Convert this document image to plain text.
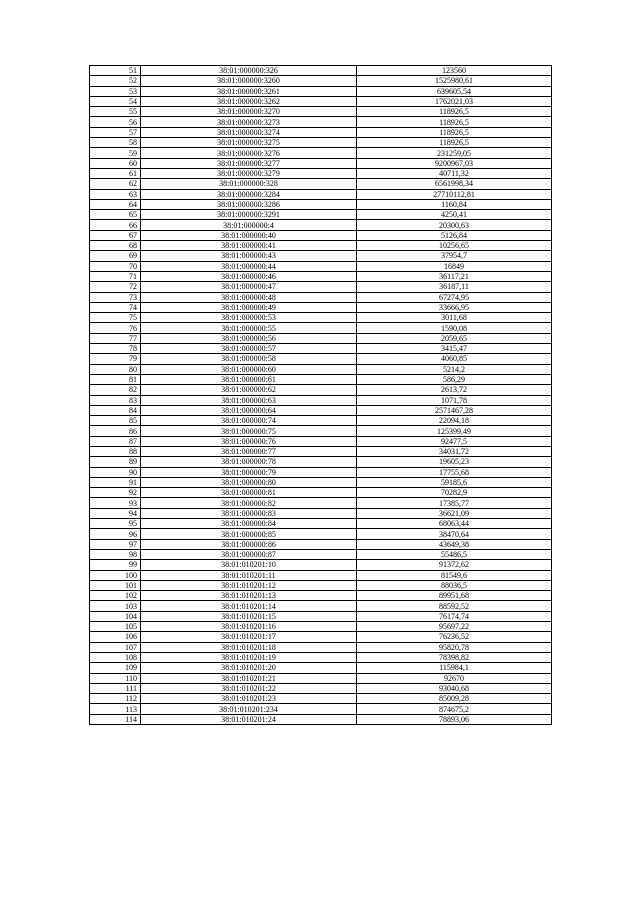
51	38:01:000000:326	123560
52	38:01:000000:3260	1525980,61
53	38:01:000000:3261	639605,54
54	38:01:000000:3262	1762021,03
55	38:01:000000:3270	118926,5
56	38:01:000000:3273	118926,5
57	38:01:000000:3274	118926,5
58	38:01:000000:3275	118926,5
59	38:01:000000:3276	231259,05
60	38:01:000000:3277	9200967,03
61	38:01:000000:3279	40711,32
62	38:01:000000:328	6561998,34
63	38:01:000000:3284	27710112,81
64	38:01:000000:3286	1160,84
65	38:01:000000:3291	4250,41
66	38:01:000000:4	20300,63
67	38:01:000000:40	5126,84
68	38:01:000000:41	10256,65
69	38:01:000000:43	37954,7
70	38:01:000000:44	16849
71	38:01:000000:46	36117,21
72	38:01:000000:47	36187,11
73	38:01:000000:48	67274,95
74	38:01:000000:49	33666,95
75	38:01:000000:53	3011,68
76	38:01:000000:55	1590,08
77	38:01:000000:56	2059,65
78	38:01:000000:57	3415,47
79	38:01:000000:58	4060,85
80	38:01:000000:60	5214,2
81	38:01:000000:61	586,29
82	38:01:000000:62	2613,72
83	38:01:000000:63	1071,78
84	38:01:000000:64	2571467,28
85	38:01:000000:74	22094,18
86	38:01:000000:75	125399,49
87	38:01:000000:76	92477,5
88	38:01:000000:77	34031,72
89	38:01:000000:78	19605,23
90	38:01:000000:79	17755,68
91	38:01:000000:80	59185,6
92	38:01:000000:81	70282,9
93	38:01:000000:82	17385,77
94	38:01:000000:83	36621,09
95	38:01:000000:84	68063,44
96	38:01:000000:85	38470,64
97	38:01:000000:86	43649,38
98	38:01:000000:87	55486,5
99	38:01:010201:10	91372,62
100	38:01:010201:11	81549,6
101	38:01:010201:12	88036,5
102	38:01:010201:13	89951,68
103	38:01:010201:14	88592,52
104	38:01:010201:15	76174,74
105	38:01:010201:16	95697,22
106	38:01:010201:17	76236,52
107	38:01:010201:18	95820,78
108	38:01:010201:19	78398,82
109	38:01:010201:20	115984,1
110	38:01:010201:21	92670
111	38:01:010201:22	93040,68
112	38:01:010201:23	85009,28
113	38:01:010201:234	874675,2
114	38:01:010201:24	78893,06
